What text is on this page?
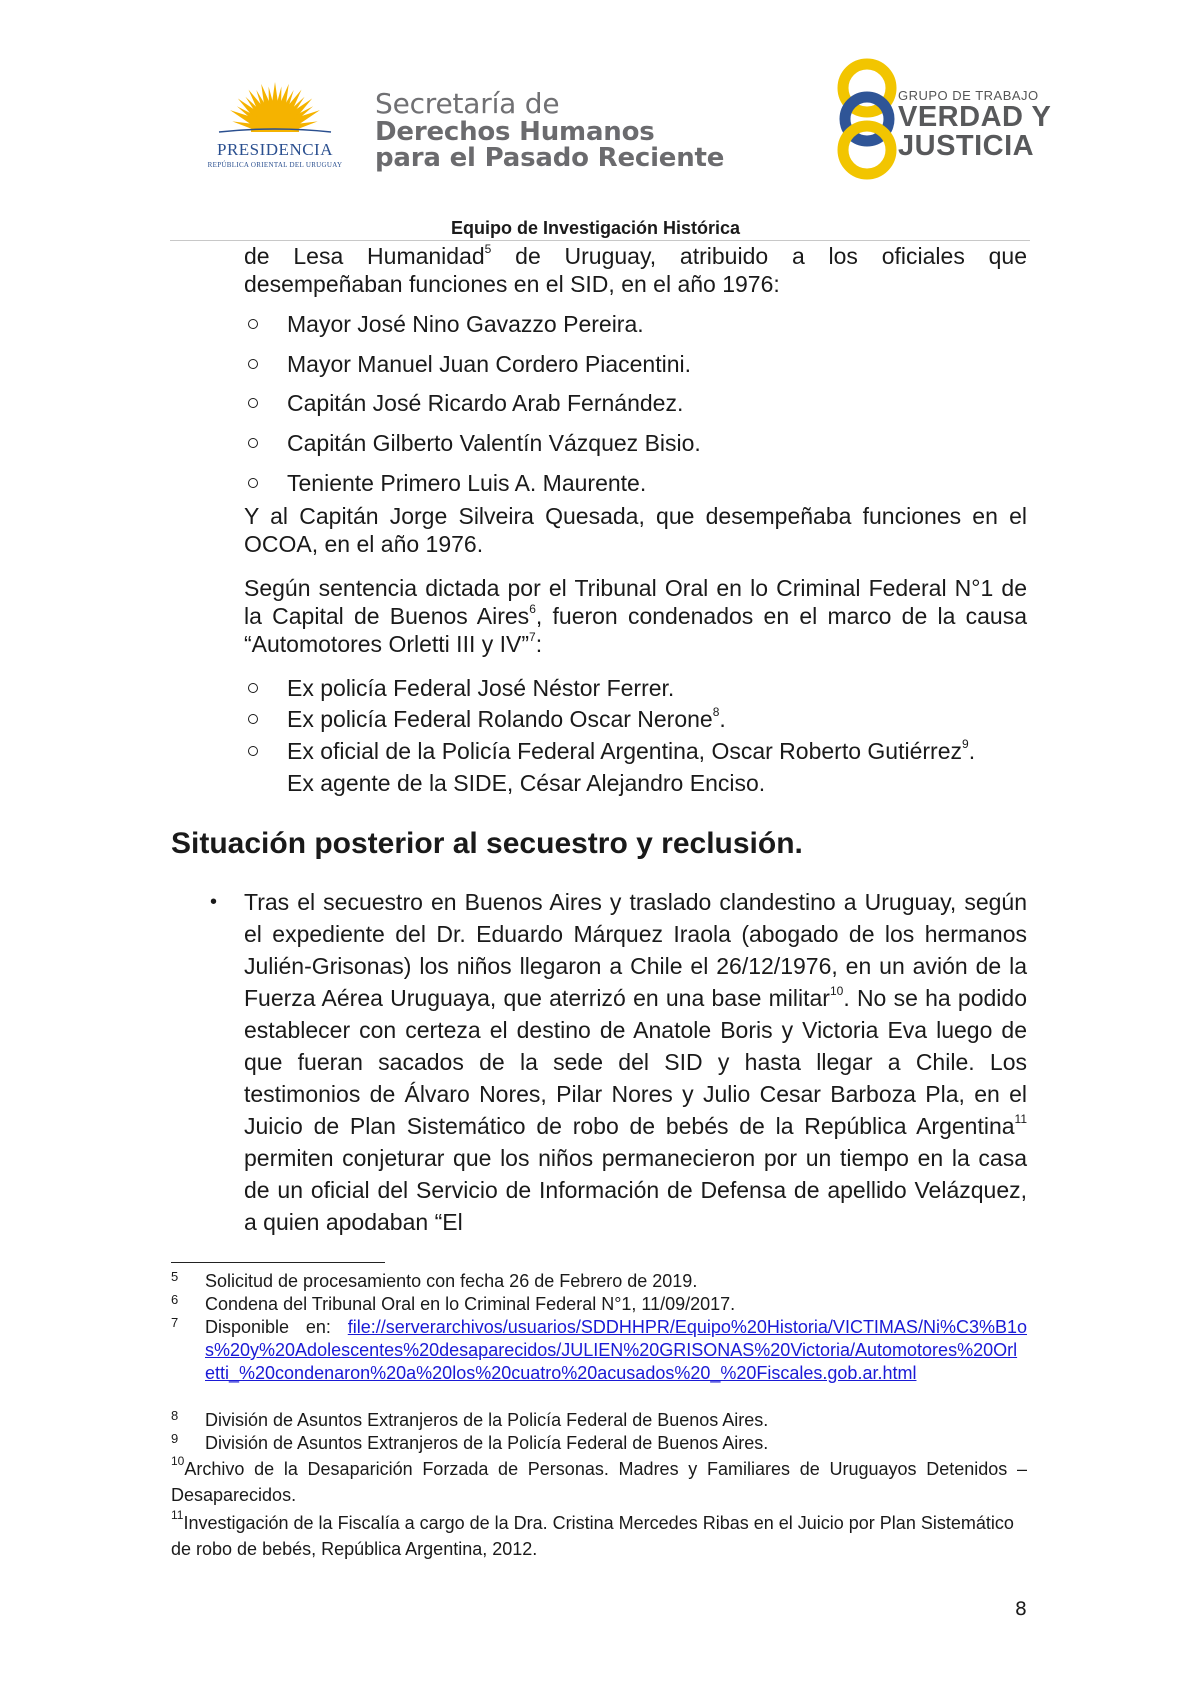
PRESIDENCIA
REPÚBLICA ORIENTAL DEL URUGUAY
Secretaría de
Derechos Humanos
para el Pasado Reciente
GRUPO DE TRABAJO
VERDAD Y
JUSTICIA
Equipo de Investigación Histórica
de Lesa Humanidad$^5$ de Uruguay, atribuido a los oficiales que
desempeñaban funciones en el SID, en el año 1976:
Mayor José Nino Gavazzo Pereira.
Mayor Manuel Juan Cordero Piacentini.
Capitán José Ricardo Arab Fernández.
Capitán Gilberto Valentín Vázquez Bisio.
Teniente Primero Luis A. Maurente.
Y al Capitán Jorge Silveira Quesada, que desempeñaba funciones en el OCOA, en el año 1976.
Según sentencia dictada por el Tribunal Oral en lo Criminal Federal N°1 de la Capital de Buenos Aires$^6$, fueron condenados en el marco de la causa “Automotores Orletti III y IV”$^7$:
Ex policía Federal José Néstor Ferrer.
Ex policía Federal Rolando Oscar Nerone$^8$.
Ex oficial de la Policía Federal Argentina, Oscar Roberto Gutiérrez$^9$.
Ex agente de la SIDE, César Alejandro Enciso.
Situación posterior al secuestro y reclusión.
• Tras el secuestro en Buenos Aires y traslado clandestino a Uruguay, según el expediente del Dr. Eduardo Márquez Iraola (abogado de los hermanos Julién-Grisonas) los niños llegaron a Chile el 26/12/1976, en un avión de la Fuerza Aérea Uruguaya, que aterrizó en una base militar$^{10}$. No se ha podido establecer con certeza el destino de Anatole Boris y Victoria Eva luego de que fueran sacados de la sede del SID y hasta llegar a Chile. Los testimonios de Álvaro Nores, Pilar Nores y Julio Cesar Barboza Pla, en el Juicio de Plan Sistemático de robo de bebés de la República Argentina$^{11}$ permiten conjeturar que los niños permanecieron por un tiempo en la casa de un oficial del Servicio de Información de Defensa de apellido Velázquez, a quien apodaban “El
5 Solicitud de procesamiento con fecha 26 de Febrero de 2019.
6 Condena del Tribunal Oral en lo Criminal Federal N°1, 11/09/2017.
7 Disponible en: file://serverarchivos/usuarios/SDDHHPR/Equipo%20Historia/VICTIMAS/Ni%C3%B1os%20y%20Adolescentes%20desaparecidos/JULIEN%20GRISONAS%20Victoria/Automotores%20Orletti_%20condenaron%20a%20los%20cuatro%20acusados%20_%20Fiscales.gob.ar.html
8 División de Asuntos Extranjeros de la Policía Federal de Buenos Aires.
9 División de Asuntos Extranjeros de la Policía Federal de Buenos Aires.
$^{10}$Archivo de la Desaparición Forzada de Personas. Madres y Familiares de Uruguayos Detenidos –Desaparecidos.
$^{11}$Investigación de la Fiscalía a cargo de la Dra. Cristina Mercedes Ribas en el Juicio por Plan Sistemático de robo de bebés, República Argentina, 2012.
8
